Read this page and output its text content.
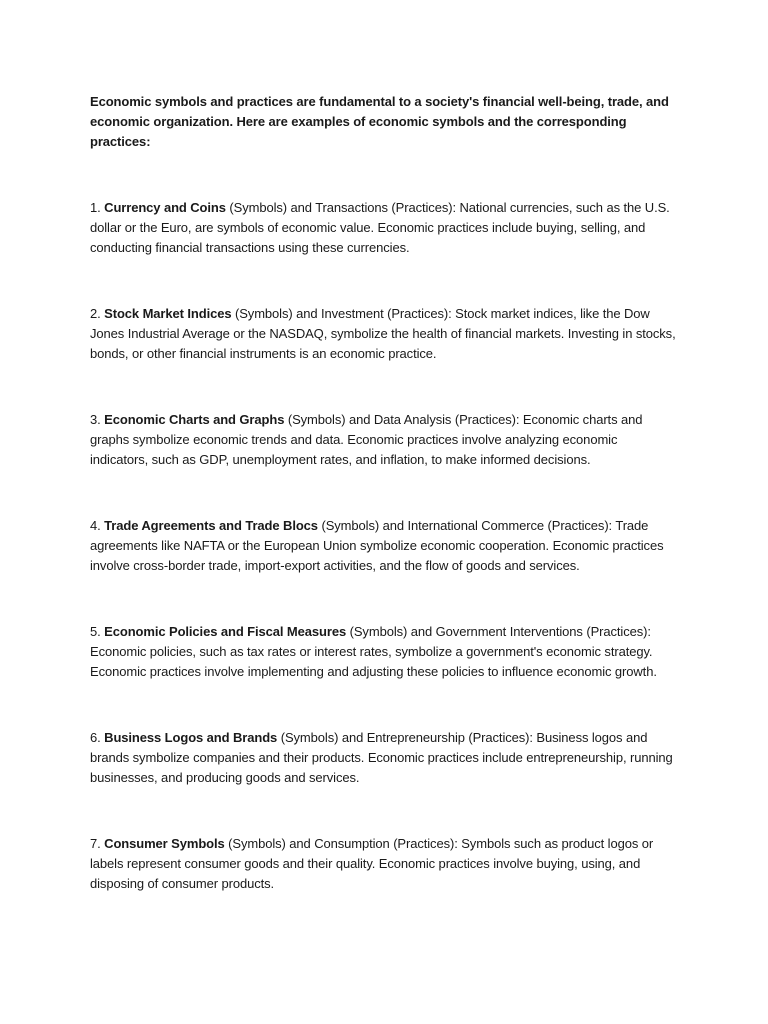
Economic symbols and practices are fundamental to a society's financial well-being, trade, and economic organization. Here are examples of economic symbols and the corresponding practices:

1. Currency and Coins (Symbols) and Transactions (Practices): National currencies, such as the U.S. dollar or the Euro, are symbols of economic value. Economic practices include buying, selling, and conducting financial transactions using these currencies.

2. Stock Market Indices (Symbols) and Investment (Practices): Stock market indices, like the Dow Jones Industrial Average or the NASDAQ, symbolize the health of financial markets. Investing in stocks, bonds, or other financial instruments is an economic practice.

3. Economic Charts and Graphs (Symbols) and Data Analysis (Practices): Economic charts and graphs symbolize economic trends and data. Economic practices involve analyzing economic indicators, such as GDP, unemployment rates, and inflation, to make informed decisions.

4. Trade Agreements and Trade Blocs (Symbols) and International Commerce (Practices): Trade agreements like NAFTA or the European Union symbolize economic cooperation. Economic practices involve cross-border trade, import-export activities, and the flow of goods and services.

5. Economic Policies and Fiscal Measures (Symbols) and Government Interventions (Practices): Economic policies, such as tax rates or interest rates, symbolize a government's economic strategy. Economic practices involve implementing and adjusting these policies to influence economic growth.

6. Business Logos and Brands (Symbols) and Entrepreneurship (Practices): Business logos and brands symbolize companies and their products. Economic practices include entrepreneurship, running businesses, and producing goods and services.

7. Consumer Symbols (Symbols) and Consumption (Practices): Symbols such as product logos or labels represent consumer goods and their quality. Economic practices involve buying, using, and disposing of consumer products.
